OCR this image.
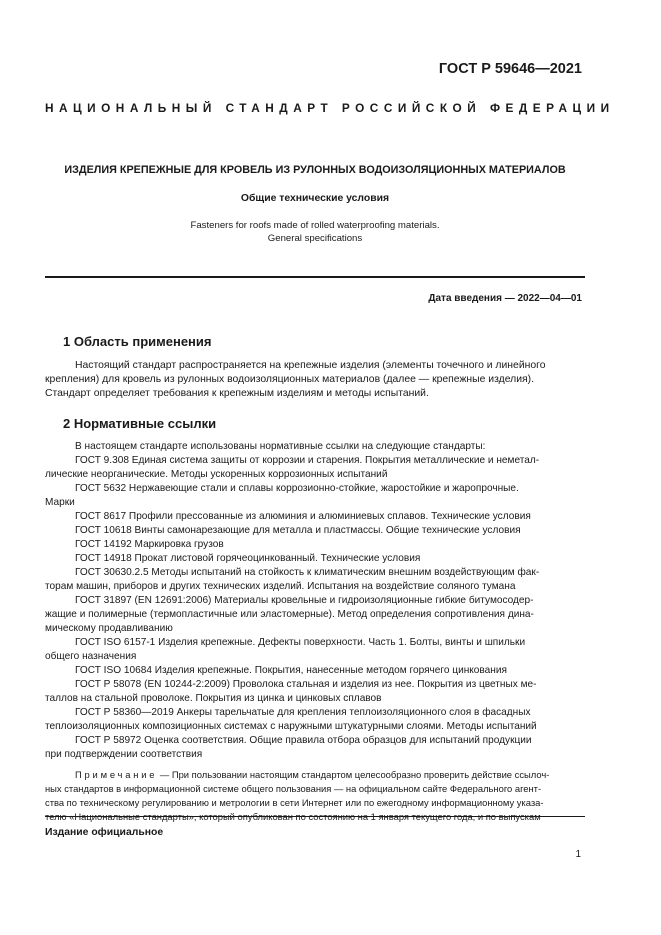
ГОСТ Р 59646—2021
НАЦИОНАЛЬНЫЙ СТАНДАРТ РОССИЙСКОЙ ФЕДЕРАЦИИ
ИЗДЕЛИЯ КРЕПЕЖНЫЕ ДЛЯ КРОВЕЛЬ ИЗ РУЛОННЫХ ВОДОИЗОЛЯЦИОННЫХ МАТЕРИАЛОВ
Общие технические условия
Fasteners for roofs made of rolled waterproofing materials.
General specifications
Дата введения — 2022—04—01
1 Область применения
Настоящий стандарт распространяется на крепежные изделия (элементы точечного и линейного
крепления) для кровель из рулонных водоизоляционных материалов (далее — крепежные изделия).
Стандарт определяет требования к крепежным изделиям и методы испытаний.
2 Нормативные ссылки
В настоящем стандарте использованы нормативные ссылки на следующие стандарты:
ГОСТ 9.308 Единая система защиты от коррозии и старения. Покрытия металлические и неметал-
лические неорганические. Методы ускоренных коррозионных испытаний
ГОСТ 5632 Нержавеющие стали и сплавы коррозионно-стойкие, жаростойкие и жаропрочные.
Марки
ГОСТ 8617 Профили прессованные из алюминия и алюминиевых сплавов. Технические условия
ГОСТ 10618 Винты самонарезающие для металла и пластмассы. Общие технические условия
ГОСТ 14192 Маркировка грузов
ГОСТ 14918 Прокат листовой горячеоцинкованный. Технические условия
ГОСТ 30630.2.5 Методы испытаний на стойкость к климатическим внешним воздействующим фак-
торам машин, приборов и других технических изделий. Испытания на воздействие соляного тумана
ГОСТ 31897 (EN 12691:2006) Материалы кровельные и гидроизоляционные гибкие битумосодер-
жащие и полимерные (термопластичные или эластомерные). Метод определения сопротивления дина-
мическому продавливанию
ГОСТ ISO 6157-1 Изделия крепежные. Дефекты поверхности. Часть 1. Болты, винты и шпильки
общего назначения
ГОСТ ISO 10684 Изделия крепежные. Покрытия, нанесенные методом горячего цинкования
ГОСТ Р 58078 (EN 10244-2:2009) Проволока стальная и изделия из нее. Покрытия из цветных ме-
таллов на стальной проволоке. Покрытия из цинка и цинковых сплавов
ГОСТ Р 58360—2019 Анкеры тарельчатые для крепления теплоизоляционного слоя в фасадных
теплоизоляционных композиционных системах с наружными штукатурными слоями. Методы испытаний
ГОСТ Р 58972 Оценка соответствия. Общие правила отбора образцов для испытаний продукции
при подтверждении соответствия
Примечание — При пользовании настоящим стандартом целесообразно проверить действие ссылоч-
ных стандартов в информационной системе общего пользования — на официальном сайте Федерального агент-
ства по техническому регулированию и метрологии в сети Интернет или по ежегодному информационному указа-
Издание официальное
1
